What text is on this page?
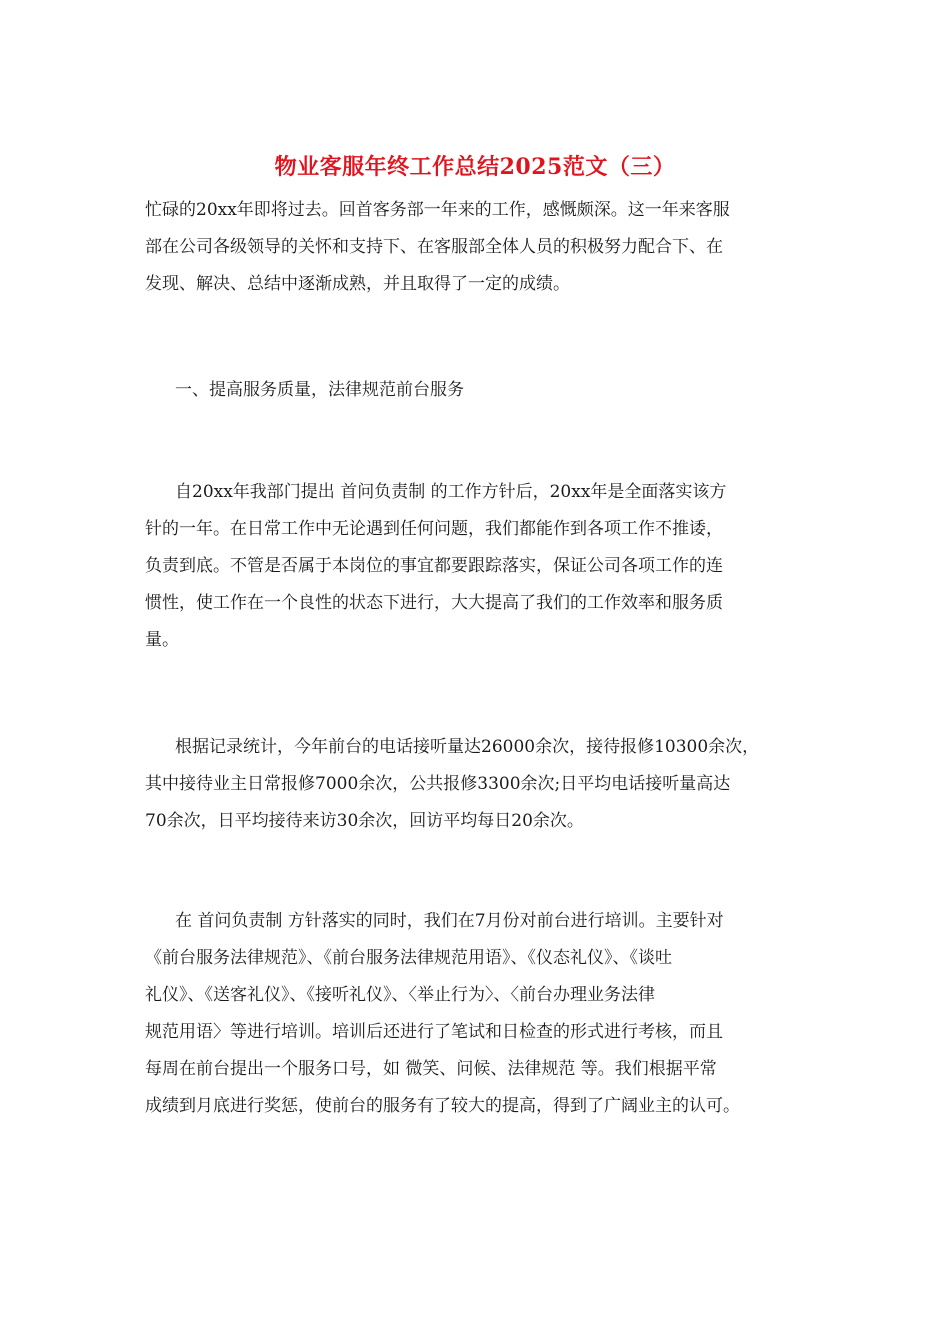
物业客服年终工作总结2025范文（三）

忙碌的20xx年即将过去。回首客务部一年来的工作，感慨颇深。这一年来客服
部在公司各级领导的关怀和支持下、在客服部全体人员的积极努力配合下、在
发现、解决、总结中逐渐成熟，并且取得了一定的成绩。

一、提高服务质量，法律规范前台服务

自20xx年我部门提出 首问负责制 的工作方针后，20xx年是全面落实该方
针的一年。在日常工作中无论遇到任何问题，我们都能作到各项工作不推诿，
负责到底。不管是否属于本岗位的事宜都要跟踪落实，保证公司各项工作的连
惯性，使工作在一个良性的状态下进行，大大提高了我们的工作效率和服务质
量。

根据记录统计，今年前台的电话接听量达26000余次，接待报修10300余次，
其中接待业主日常报修7000余次，公共报修3300余次;日平均电话接听量高达
70余次，日平均接待来访30余次，回访平均每日20余次。

在 首问负责制 方针落实的同时，我们在7月份对前台进行培训。主要针对
《前台服务法律规范》、《前台服务法律规范用语》、《仪态礼仪》、《谈吐
礼仪》、《送客礼仪》、《接听礼仪》、〈举止行为〉、〈前台办理业务法律
规范用语〉等进行培训。培训后还进行了笔试和日检查的形式进行考核，而且
每周在前台提出一个服务口号，如 微笑、问候、法律规范 等。我们根据平常
成绩到月底进行奖惩，使前台的服务有了较大的提高，得到了广阔业主的认可。
